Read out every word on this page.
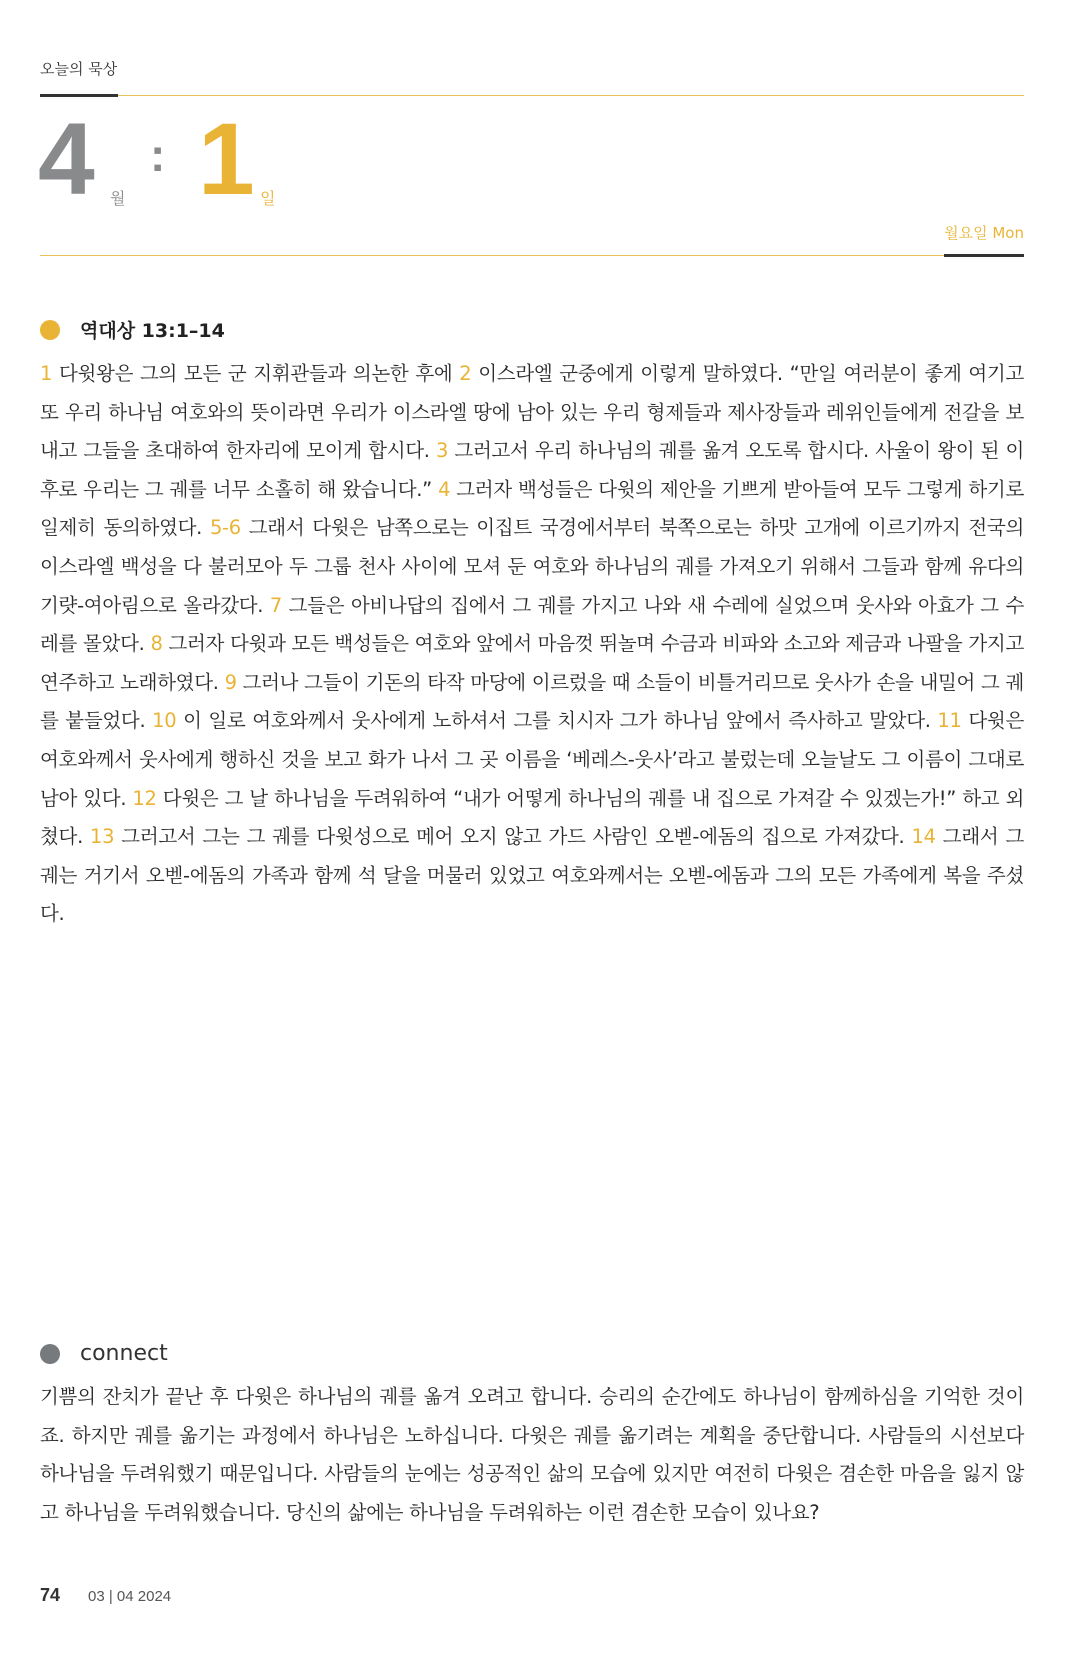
오늘의 묵상
4 월
: 1 일
월요일 Mon
역대상 13:1–14
1 다윗왕은 그의 모든 군 지휘관들과 의논한 후에 2 이스라엘 군중에게 이렇게 말하였다. “만일 여러분이 좋게 여기고 또 우리 하나님 여호와의 뜻이라면 우리가 이스라엘 땅에 남아 있는 우리 형제들과 제사장들과 레위인들에게 전갈을 보내고 그들을 초대하여 한자리에 모이게 합시다. 3 그러고서 우리 하나님의 궤를 옮겨 오도록 합시다. 사울이 왕이 된 이후로 우리는 그 궤를 너무 소홀히 해 왔습니다.” 4 그러자 백성들은 다윗의 제안을 기쁘게 받아들여 모두 그렇게 하기로 일제히 동의하였다. 5-6 그래서 다윗은 남쪽으로는 이집트 국경에서부터 북쪽으로는 하맛 고개에 이르기까지 전국의 이스라엘 백성을 다 불러모아 두 그룹 천사 사이에 모셔 둔 여호와 하나님의 궤를 가져오기 위해서 그들과 함께 유다의 기럇-여아림으로 올라갔다. 7 그들은 아비나답의 집에서 그 궤를 가지고 나와 새 수레에 실었으며 웃사와 아효가 그 수레를 몰았다. 8 그러자 다윗과 모든 백성들은 여호와 앞에서 마음껏 뛰놀며 수금과 비파와 소고와 제금과 나팔을 가지고 연주하고 노래하였다. 9 그러나 그들이 기돈의 타작 마당에 이르렀을 때 소들이 비틀거리므로 웃사가 손을 내밀어 그 궤를 붙들었다. 10 이 일로 여호와께서 웃사에게 노하셔서 그를 치시자 그가 하나님 앞에서 즉사하고 말았다. 11 다윗은 여호와께서 웃사에게 행하신 것을 보고 화가 나서 그 곳 이름을 ‘베레스-웃사’라고 불렀는데 오늘날도 그 이름이 그대로 남아 있다. 12 다윗은 그 날 하나님을 두려워하여 “내가 어떻게 하나님의 궤를 내 집으로 가져갈 수 있겠는가!” 하고 외쳤다. 13 그러고서 그는 그 궤를 다윗성으로 메어 오지 않고 가드 사람인 오벧-에돔의 집으로 가져갔다. 14 그래서 그 궤는 거기서 오벧-에돔의 가족과 함께 석 달을 머물러 있었고 여호와께서는 오벧-에돔과 그의 모든 가족에게 복을 주셨다.
connect
기쁨의 잔치가 끝난 후 다윗은 하나님의 궤를 옮겨 오려고 합니다. 승리의 순간에도 하나님이 함께하심을 기억한 것이죠. 하지만 궤를 옮기는 과정에서 하나님은 노하십니다. 다윗은 궤를 옮기려는 계획을 중단합니다. 사람들의 시선보다 하나님을 두려워했기 때문입니다. 사람들의 눈에는 성공적인 삶의 모습에 있지만 여전히 다윗은 겸손한 마음을 잃지 않고 하나님을 두려워했습니다. 당신의 삶에는 하나님을 두려워하는 이런 겸손한 모습이 있나요?
74 03 | 04 2024
